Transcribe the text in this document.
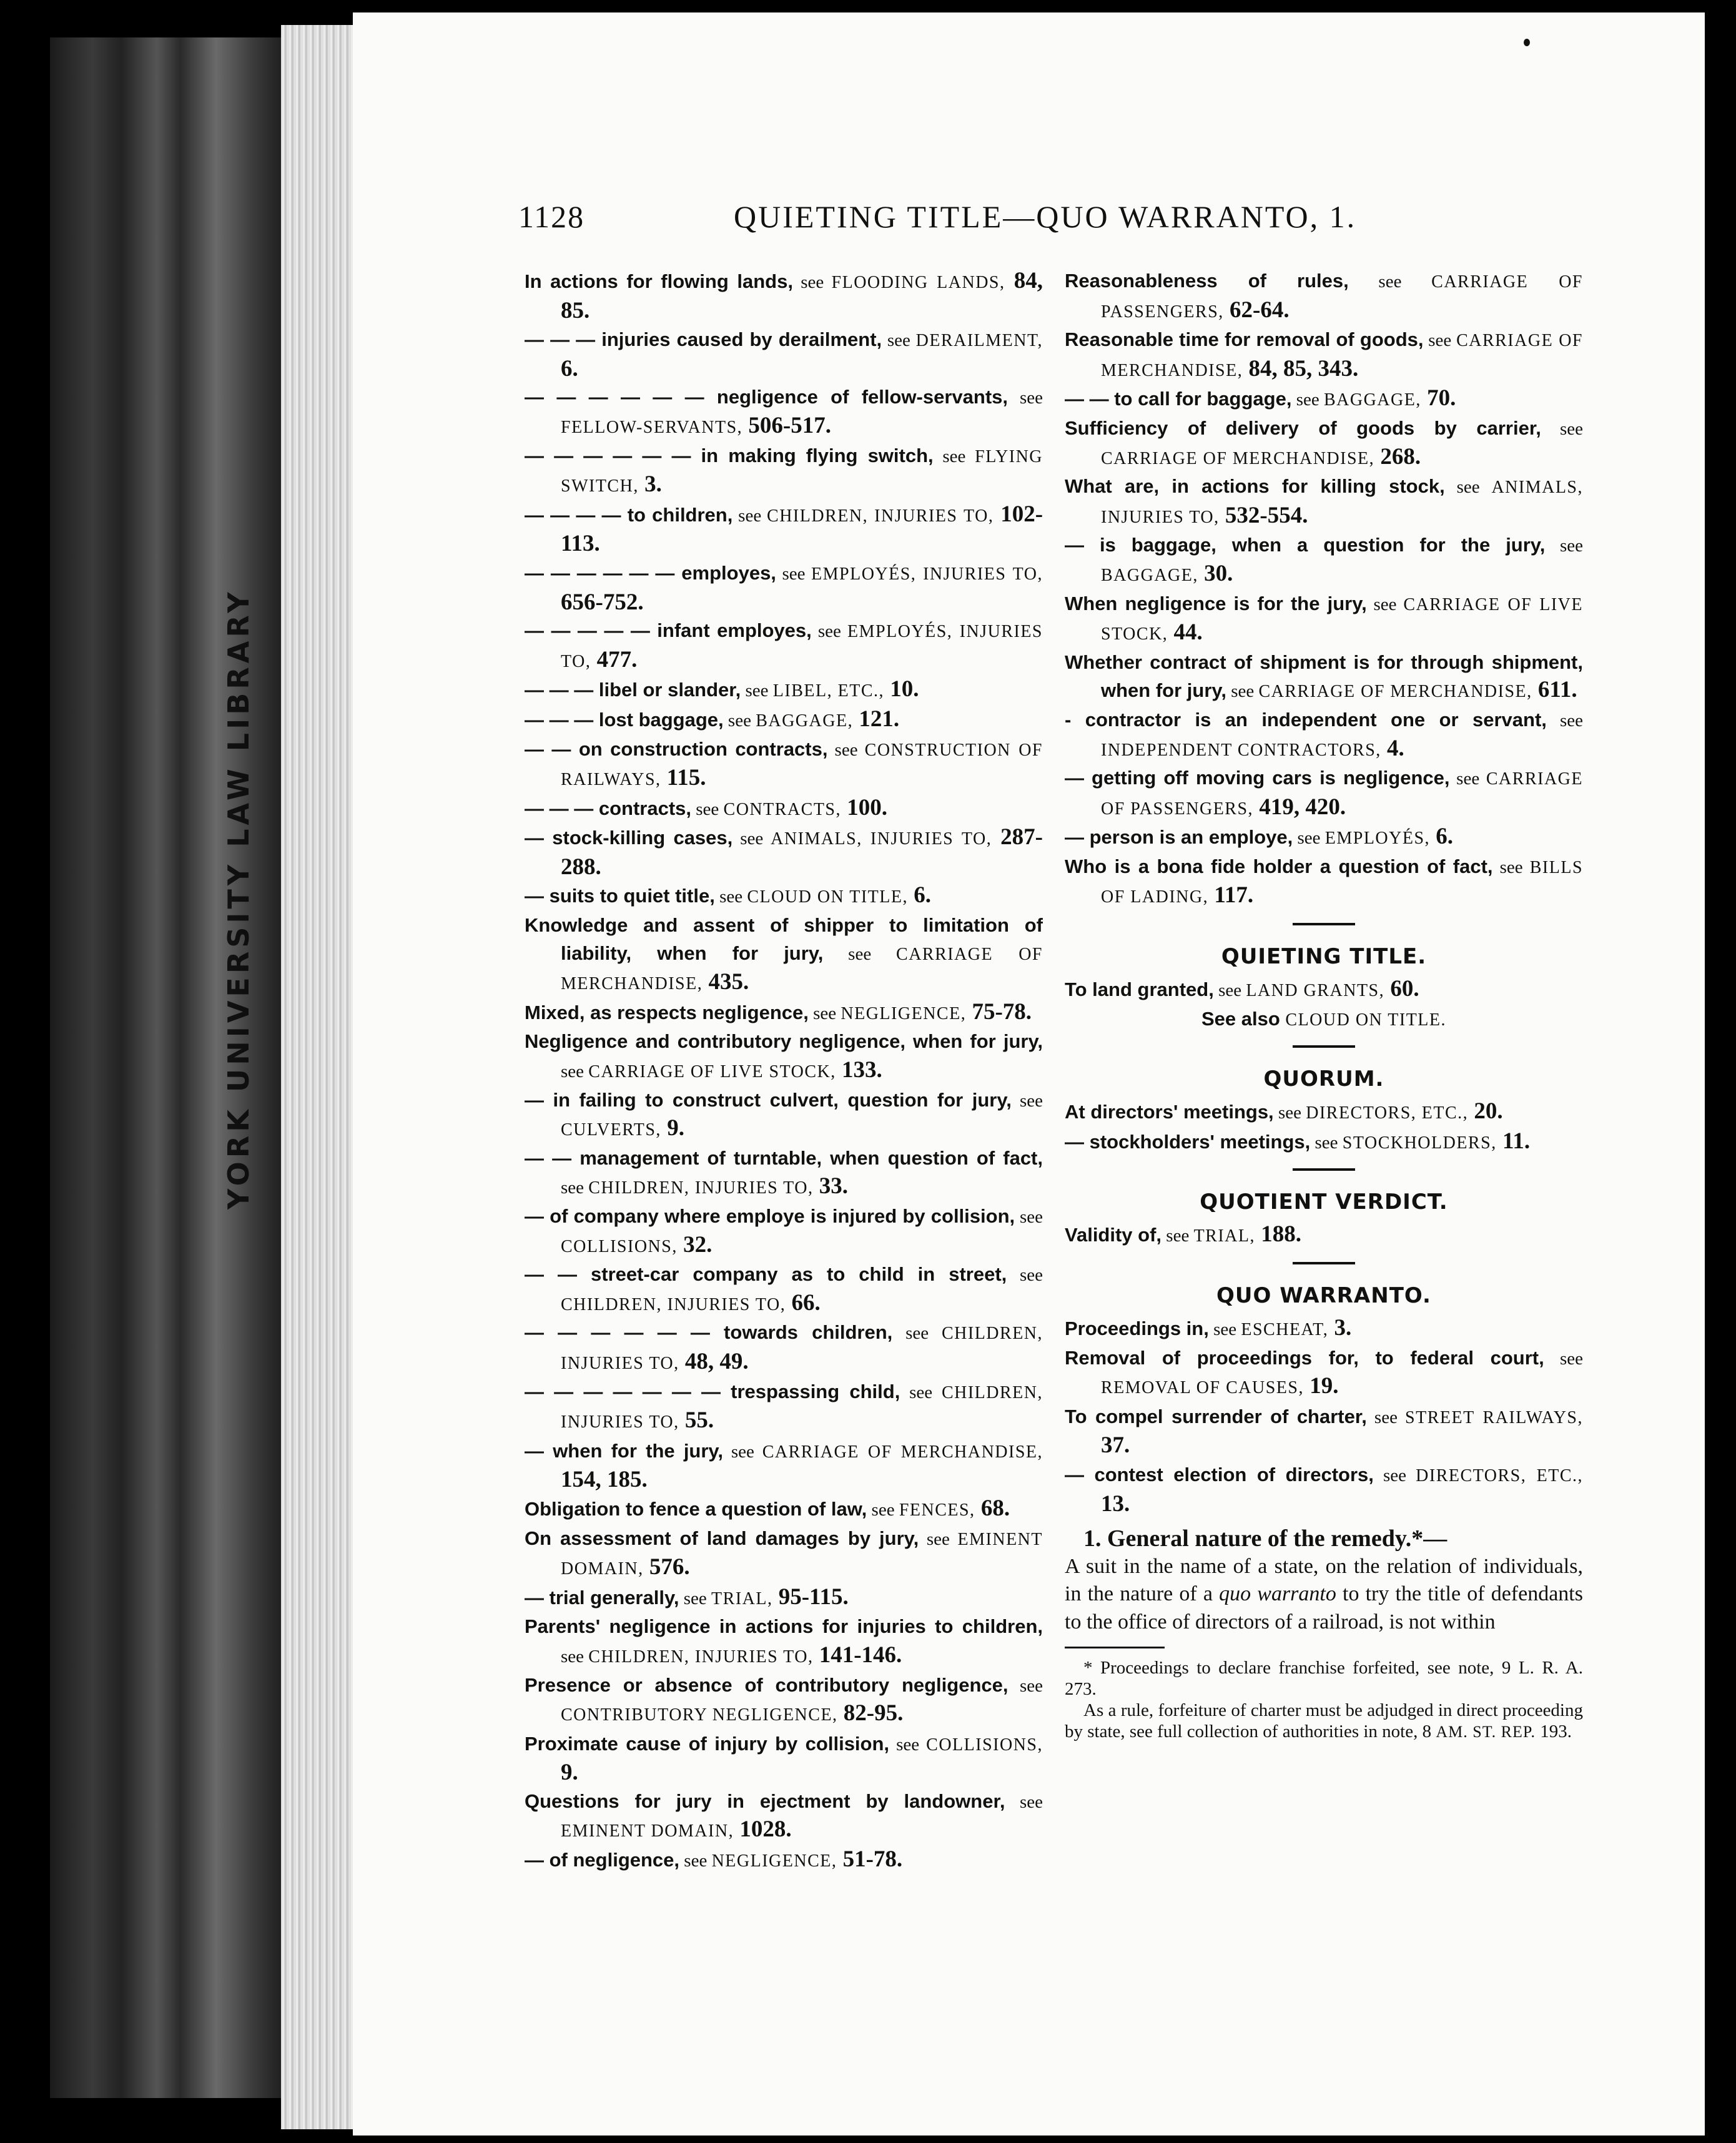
YORK UNIVERSITY LAW LIBRARY
1128	QUIETING TITLE—QUO WARRANTO, 1.
In actions for flowing lands, see FLOODING LANDS, 84, 85.
— — — injuries caused by derailment, see DERAILMENT, 6.
— — — — — — negligence of fellow-servants, see FELLOW-SERVANTS, 506-517.
— — — — — — in making flying switch, see FLYING SWITCH, 3.
— — — — to children, see CHILDREN, INJURIES TO, 102-113.
— — — — — — employes, see EMPLOYÉS, INJURIES TO, 656-752.
— — — — — infant employes, see EMPLOYÉS, INJURIES TO, 477.
— — — libel or slander, see LIBEL, ETC., 10.
— — — lost baggage, see BAGGAGE, 121.
— — on construction contracts, see CONSTRUCTION OF RAILWAYS, 115.
— — — contracts, see CONTRACTS, 100.
— stock-killing cases, see ANIMALS, INJURIES TO, 287-288.
— suits to quiet title, see CLOUD ON TITLE, 6.
Knowledge and assent of shipper to limitation of liability, when for jury, see CARRIAGE OF MERCHANDISE, 435.
Mixed, as respects negligence, see NEGLIGENCE, 75-78.
Negligence and contributory negligence, when for jury, see CARRIAGE OF LIVE STOCK, 133.
— in failing to construct culvert, question for jury, see CULVERTS, 9.
— — management of turntable, when question of fact, see CHILDREN, INJURIES TO, 33.
— of company where employe is injured by collision, see COLLISIONS, 32.
— — street-car company as to child in street, see CHILDREN, INJURIES TO, 66.
— — — — — — towards children, see CHILDREN, INJURIES TO, 48, 49.
— — — — — — — trespassing child, see CHILDREN, INJURIES TO, 55.
— when for the jury, see CARRIAGE OF MERCHANDISE, 154, 185.
Obligation to fence a question of law, see FENCES, 68.
On assessment of land damages by jury, see EMINENT DOMAIN, 576.
— trial generally, see TRIAL, 95-115.
Parents' negligence in actions for injuries to children, see CHILDREN, INJURIES TO, 141-146.
Presence or absence of contributory negligence, see CONTRIBUTORY NEGLIGENCE, 82-95.
Proximate cause of injury by collision, see COLLISIONS, 9.
Questions for jury in ejectment by landowner, see EMINENT DOMAIN, 1028.
— of negligence, see NEGLIGENCE, 51-78.
Reasonableness of rules, see CARRIAGE OF PASSENGERS, 62-64.
Reasonable time for removal of goods, see CARRIAGE OF MERCHANDISE, 84, 85, 343.
— — to call for baggage, see BAGGAGE, 70.
Sufficiency of delivery of goods by carrier, see CARRIAGE OF MERCHANDISE, 268.
What are, in actions for killing stock, see ANIMALS, INJURIES TO, 532-554.
— is baggage, when a question for the jury, see BAGGAGE, 30.
When negligence is for the jury, see CARRIAGE OF LIVE STOCK, 44.
Whether contract of shipment is for through shipment, when for jury, see CARRIAGE OF MERCHANDISE, 611.
- contractor is an independent one or servant, see INDEPENDENT CONTRACTORS, 4.
— getting off moving cars is negligence, see CARRIAGE OF PASSENGERS, 419, 420.
— person is an employe, see EMPLOYÉS, 6.
Who is a bona fide holder a question of fact, see BILLS OF LADING, 117.
QUIETING TITLE.
To land granted, see LAND GRANTS, 60.
See also CLOUD ON TITLE.
QUORUM.
At directors' meetings, see DIRECTORS, ETC., 20.
— stockholders' meetings, see STOCKHOLDERS, 11.
QUOTIENT VERDICT.
Validity of, see TRIAL, 188.
QUO WARRANTO.
Proceedings in, see ESCHEAT, 3.
Removal of proceedings for, to federal court, see REMOVAL OF CAUSES, 19.
To compel surrender of charter, see STREET RAILWAYS, 37.
— contest election of directors, see DIRECTORS, ETC., 13.
1. General nature of the remedy.*—
A suit in the name of a state, on the relation of individuals, in the nature of a quo warranto to try the title of defendants to the office of directors of a railroad, is not within
* Proceedings to declare franchise forfeited, see note, 9 L. R. A. 273.
As a rule, forfeiture of charter must be adjudged in direct proceeding by state, see full collection of authorities in note, 8 AM. ST. REP. 193.
